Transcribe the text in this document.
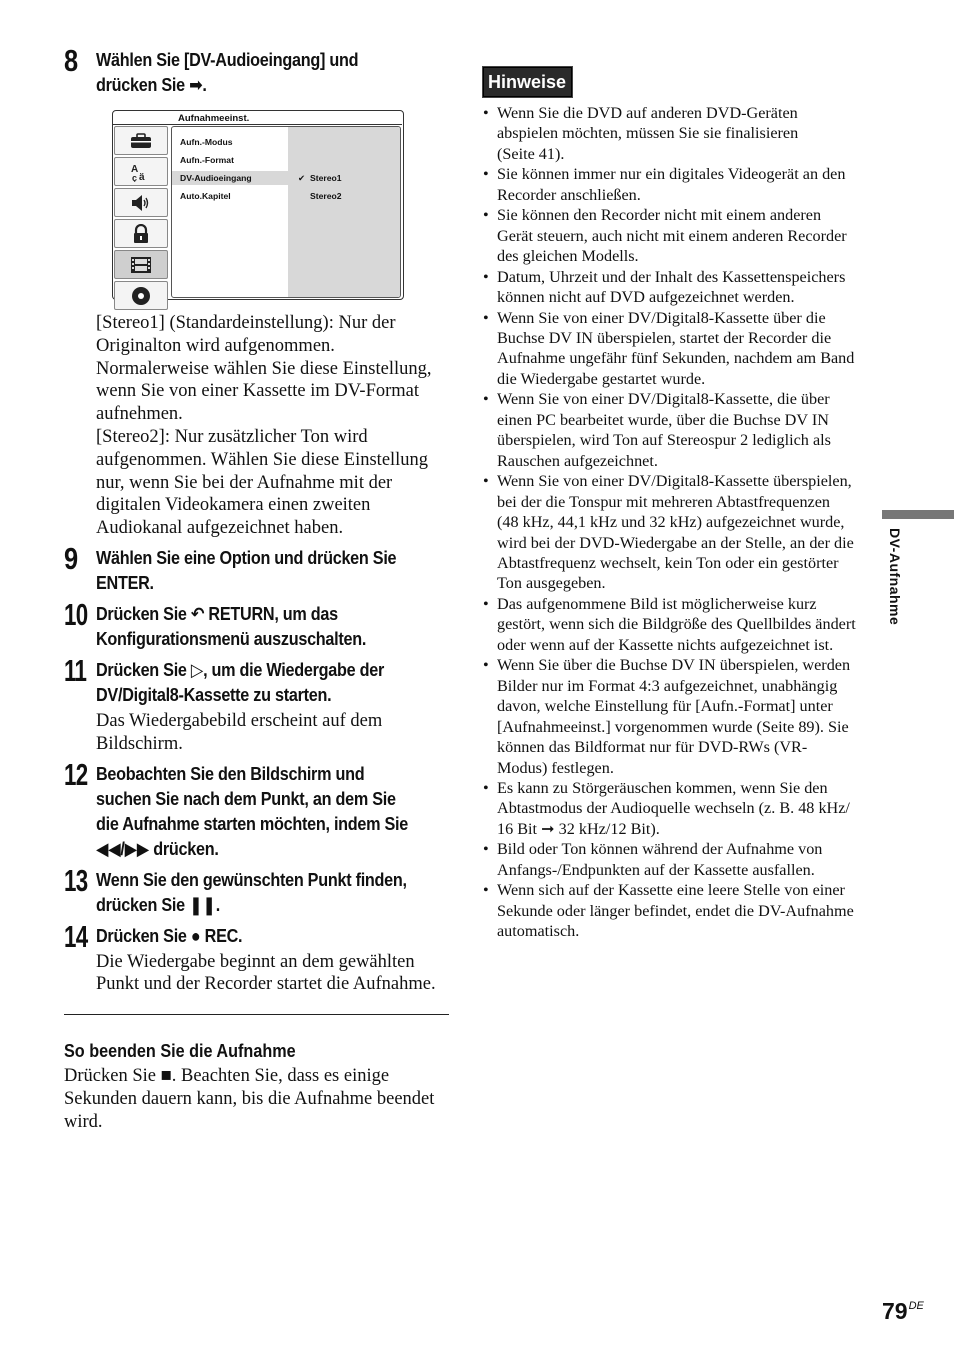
8 Wählen Sie [DV-Audioeingang] und
drücken Sie ➡.
Aufnahmeeinst.
A
ä
ç
Aufn.-Modus
Aufn.-Format
DV-Audioeingang
Auto.Kapitel
✔ Stereo1
Stereo2
[Stereo1] (Standardeinstellung): Nur der
Originalton wird aufgenommen.
Normalerweise wählen Sie diese Einstellung,
wenn Sie von einer Kassette im DV-Format
aufnehmen.
[Stereo2]: Nur zusätzlicher Ton wird
aufgenommen. Wählen Sie diese Einstellung
nur, wenn Sie bei der Aufnahme mit der
digitalen Videokamera einen zweiten
Audiokanal aufgezeichnet haben.
9 Wählen Sie eine Option und drücken Sie
ENTER.
10 Drücken Sie ↶ RETURN, um das
Konfigurationsmenü auszuschalten.
11 Drücken Sie ▷, um die Wiedergabe der
DV/Digital8-Kassette zu starten.
Das Wiedergabebild erscheint auf dem
Bildschirm.
12 Beobachten Sie den Bildschirm und
suchen Sie nach dem Punkt, an dem Sie
die Aufnahme starten möchten, indem Sie
◀◀/▶▶ drücken.
13 Wenn Sie den gewünschten Punkt finden,
drücken Sie ❚❚.
14 Drücken Sie ● REC.
Die Wiedergabe beginnt an dem gewählten
Punkt und der Recorder startet die Aufnahme.
So beenden Sie die Aufnahme
Drücken Sie ■. Beachten Sie, dass es einige Sekunden dauern kann, bis die Aufnahme beendet wird.
Hinweise
• Wenn Sie die DVD auf anderen DVD-Geräten
abspielen möchten, müssen Sie sie finalisieren
(Seite 41).
• Sie können immer nur ein digitales Videogerät an den
Recorder anschließen.
• Sie können den Recorder nicht mit einem anderen
Gerät steuern, auch nicht mit einem anderen Recorder
des gleichen Modells.
• Datum, Uhrzeit und der Inhalt des Kassettenspeichers
können nicht auf DVD aufgezeichnet werden.
• Wenn Sie von einer DV/Digital8-Kassette über die
Buchse DV IN überspielen, startet der Recorder die
Aufnahme ungefähr fünf Sekunden, nachdem am Band
die Wiedergabe gestartet wurde.
• Wenn Sie von einer DV/Digital8-Kassette, die über
einen PC bearbeitet wurde, über die Buchse DV IN
überspielen, wird Ton auf Stereospur 2 lediglich als
Rauschen aufgezeichnet.
• Wenn Sie von einer DV/Digital8-Kassette überspielen,
bei der die Tonspur mit mehreren Abtastfrequenzen
(48 kHz, 44,1 kHz und 32 kHz) aufgezeichnet wurde,
wird bei der DVD-Wiedergabe an der Stelle, an der die
Abtastfrequenz wechselt, kein Ton oder ein gestörter
Ton ausgegeben.
• Das aufgenommene Bild ist möglicherweise kurz
gestört, wenn sich die Bildgröße des Quellbildes ändert
oder wenn auf der Kassette nichts aufgezeichnet ist.
• Wenn Sie über die Buchse DV IN überspielen, werden
Bilder nur im Format 4:3 aufgezeichnet, unabhängig
davon, welche Einstellung für [Aufn.-Format] unter
[Aufnahmeeinst.] vorgenommen wurde (Seite 89). Sie
können das Bildformat nur für DVD-RWs (VR-
Modus) festlegen.
• Es kann zu Störgeräuschen kommen, wenn Sie den
Abtastmodus der Audioquelle wechseln (z. B. 48 kHz/
16 Bit ➞ 32 kHz/12 Bit).
• Bild oder Ton können während der Aufnahme von
Anfangs-/Endpunkten auf der Kassette ausfallen.
• Wenn sich auf der Kassette eine leere Stelle von einer
Sekunde oder länger befindet, endet die DV-Aufnahme
automatisch.
DV-Aufnahme
79DE
